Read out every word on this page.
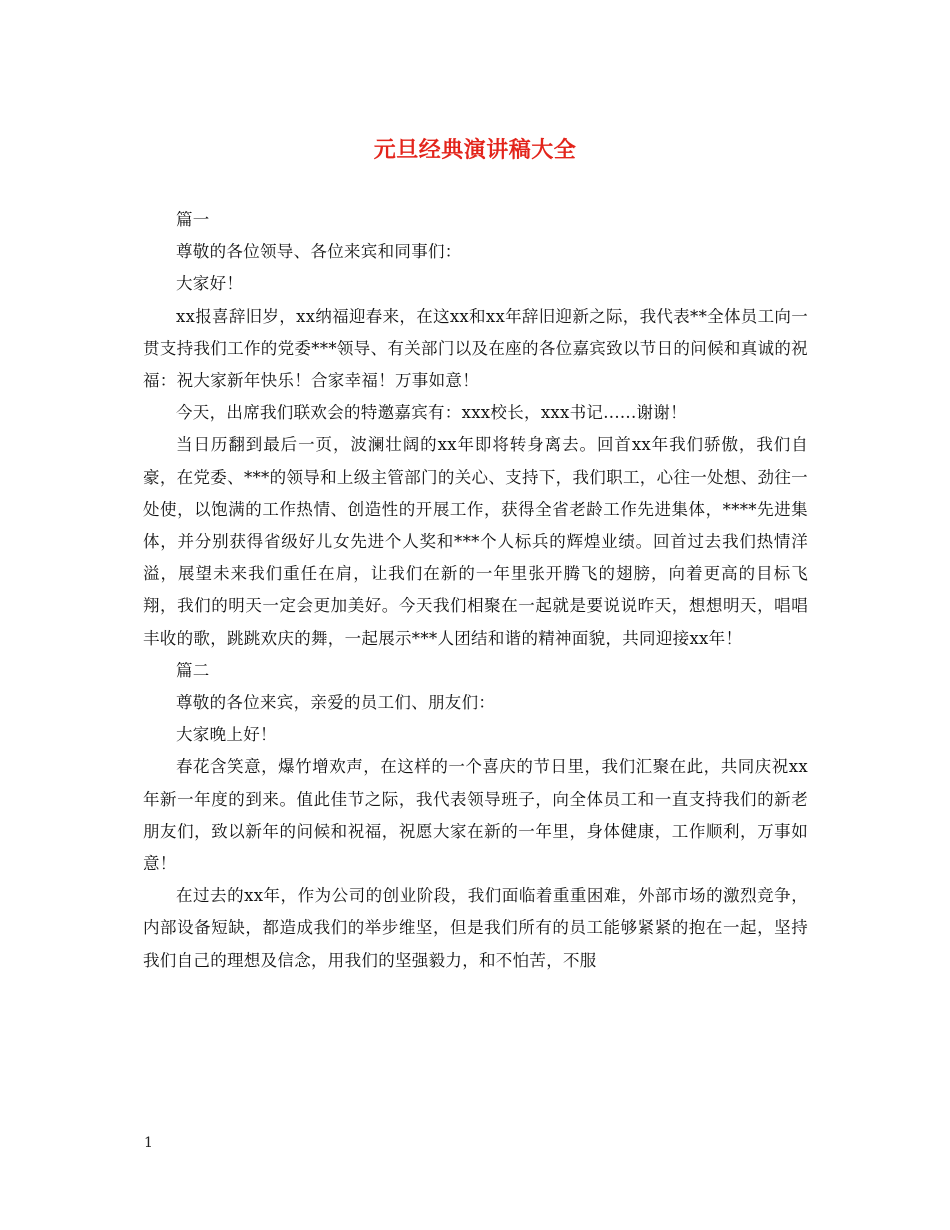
元旦经典演讲稿大全

篇一

尊敬的各位领导、各位来宾和同事们：

大家好！

xx报喜辞旧岁，xx纳福迎春来，在这xx和xx年辞旧迎新之际，我代表**全体员工向一贯支持我们工作的党委***领导、有关部门以及在座的各位嘉宾致以节日的问候和真诚的祝福：祝大家新年快乐！合家幸福！万事如意！

今天，出席我们联欢会的特邀嘉宾有：xxx校长，xxx书记......谢谢！

当日历翻到最后一页，波澜壮阔的xx年即将转身离去。回首xx年我们骄傲，我们自豪，在党委、***的领导和上级主管部门的关心、支持下，我们职工，心往一处想、劲往一处使，以饱满的工作热情、创造性的开展工作，获得全省老龄工作先进集体，****先进集体，并分别获得省级好儿女先进个人奖和***个人标兵的辉煌业绩。回首过去我们热情洋溢，展望未来我们重任在肩，让我们在新的一年里张开腾飞的翅膀，向着更高的目标飞翔，我们的明天一定会更加美好。今天我们相聚在一起就是要说说昨天，想想明天，唱唱丰收的歌，跳跳欢庆的舞，一起展示***人团结和谐的精神面貌，共同迎接xx年！

篇二

尊敬的各位来宾，亲爱的员工们、朋友们：

大家晚上好！

春花含笑意，爆竹增欢声，在这样的一个喜庆的节日里，我们汇聚在此，共同庆祝xx年新一年度的到来。值此佳节之际，我代表领导班子，向全体员工和一直支持我们的新老朋友们，致以新年的问候和祝福，祝愿大家在新的一年里，身体健康，工作顺利，万事如意！

在过去的xx年，作为公司的创业阶段，我们面临着重重困难，外部市场的激烈竞争，内部设备短缺，都造成我们的举步维坚，但是我们所有的员工能够紧紧的抱在一起，坚持我们自己的理想及信念，用我们的坚强毅力，和不怕苦，不服

1
